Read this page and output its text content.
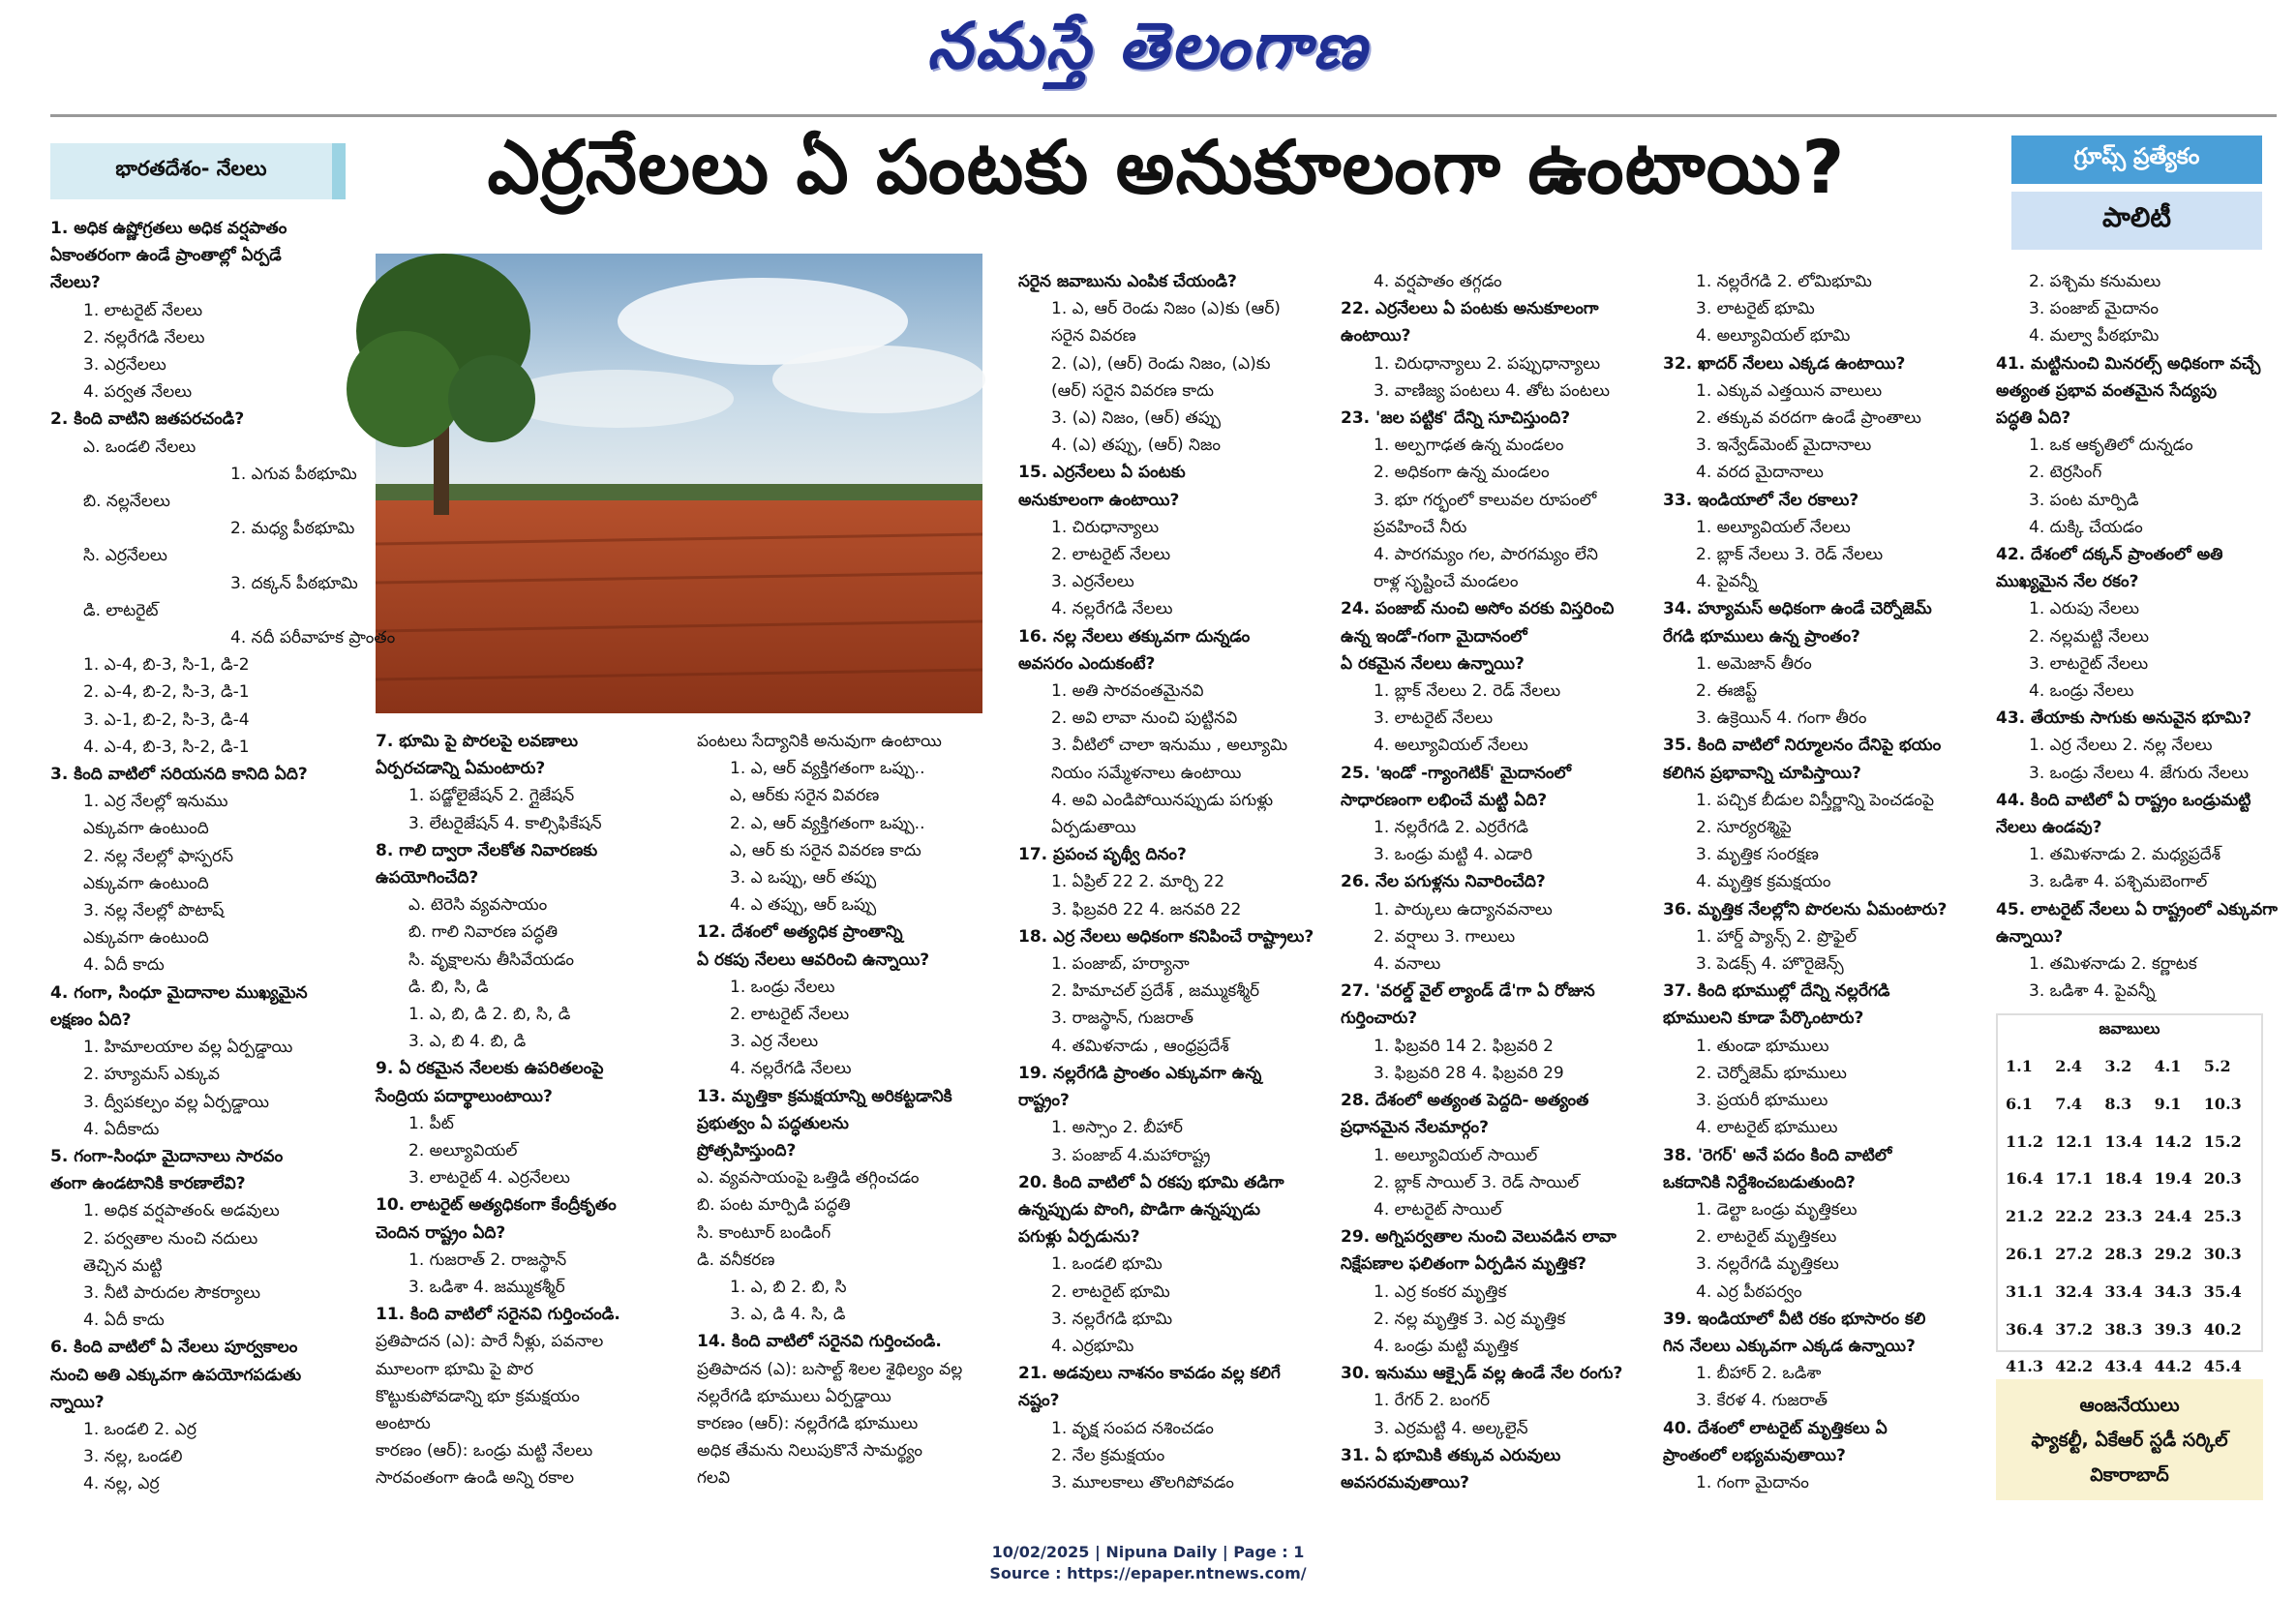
నమస్తే తెలంగాణ
భారతదేశం- నేలలు	ఎర్రనేలలు ఏ పంటకు అనుకూలంగా ఉంటాయి?	గ్రూప్స్ ప్రత్యేకం
పాలిటీ

1. అధిక ఉష్ణోగ్రతలు అధిక వర్షపాతం

ఏకాంతరంగా ఉండే ప్రాంతాల్లో ఏర్పడే

నేలలు?

1. లాటరైట్ నేలలు

2. నల్లరేగడి నేలలు

3. ఎర్రనేలలు

4. పర్వత నేలలు

2. కింది వాటిని జతపరచండి?

ఎ. ఒండలి నేలలు

1. ఎగువ పీఠభూమి

బి. నల్లనేలలు

2. మధ్య పీఠభూమి

సి. ఎర్రనేలలు

3. దక్కన్ పీఠభూమి

డి. లాటరైట్

4. నదీ పరీవాహక ప్రాంతం

1. ఎ-4, బి-3, సి-1, డి-2

2. ఎ-4, బి-2, సి-3, డి-1

3. ఎ-1, బి-2, సి-3, డి-4

4. ఎ-4, బి-3, సి-2, డి-1

3. కింది వాటిలో సరియనది కానిది ఏది?

1. ఎర్ర నేలల్లో ఇనుము

ఎక్కువగా ఉంటుంది

2. నల్ల నేలల్లో ఫాస్పరస్

ఎక్కువగా ఉంటుంది

3. నల్ల నేలల్లో పొటాష్

ఎక్కువగా ఉంటుంది

4. ఏదీ కాదు

4. గంగా, సింధూ మైదానాల ముఖ్యమైన

లక్షణం ఏది?

1. హిమాలయాల వల్ల ఏర్పడ్డాయి

2. హ్యూమస్ ఎక్కువ

3. ద్వీపకల్పం వల్ల ఏర్పడ్డాయి

4. ఏదీకాదు

5. గంగా-సింధూ మైదానాలు సారవం

తంగా ఉండటానికి కారణాలేవి?

1. అధిక వర్షపాతం& అడవులు

2. పర్వతాల నుంచి నదులు

తెచ్చిన మట్టి

3. నీటి పారుదల సౌకర్యాలు

4. ఏదీ కాదు

6. కింది వాటిలో ఏ నేలలు పూర్వకాలం

నుంచి అతి ఎక్కువగా ఉపయోగపడుతు

న్నాయి?

1. ఒండలి 2. ఎర్ర

3. నల్ల, ఒండలి

4. నల్ల, ఎర్ర

7. భూమి పై పొరలపై లవణాలు

ఏర్పరచడాన్ని ఏమంటారు?

1. పడ్జోలైజేషన్ 2. గ్లైజేషన్

3. లేటరైజేషన్ 4. కాల్సిఫికేషన్

8. గాలి ద్వారా నేలకోత నివారణకు

ఉపయోగించేది?

ఎ. టెరెసి వ్యవసాయం

బి. గాలి నివారణ పద్ధతి

సి. వృక్షాలను తీసివేయడం

డి. బి, సి, డి

1. ఎ, బి, డి 2. బి, సి, డి

3. ఎ, బి 4. బి, డి

9. ఏ రకమైన నేలలకు ఉపరితలంపై

సేంద్రియ పదార్థాలుంటాయి?

1. పీట్

2. అల్యూవియల్

3. లాటరైట్ 4. ఎర్రనేలలు

10. లాటరైట్ అత్యధికంగా కేంద్రీకృతం

చెందిన రాష్ట్రం ఏది?

1. గుజరాత్ 2. రాజస్థాన్

3. ఒడిశా 4. జమ్ముకశ్మీర్

11. కింది వాటిలో సరైనవి గుర్తించండి.

ప్రతిపాదన (ఎ): పారే నీళ్లు, పవనాల

మూలంగా భూమి పై పొర

కొట్టుకుపోవడాన్ని భూ క్రమక్షయం

అంటారు

కారణం (ఆర్): ఒండ్రు మట్టి నేలలు

సారవంతంగా ఉండి అన్ని రకాల

పంటలు సేద్యానికి అనువుగా ఉంటాయి

1. ఎ, ఆర్ వ్యక్తిగతంగా ఒప్పు..

ఎ, ఆర్‌కు సరైన వివరణ

2. ఎ, ఆర్ వ్యక్తిగతంగా ఒప్పు..

ఎ, ఆర్ కు సరైన వివరణ కాదు

3. ఎ ఒప్పు, ఆర్ తప్పు

4. ఎ తప్పు, ఆర్ ఒప్పు

12. దేశంలో అత్యధిక ప్రాంతాన్ని

ఏ రకపు నేలలు ఆవరించి ఉన్నాయి?

1. ఒండ్రు నేలలు

2. లాటరైట్ నేలలు

3. ఎర్ర నేలలు

4. నల్లరేగడి నేలలు

13. మృత్తికా క్రమక్షయాన్ని అరికట్టడానికి

ప్రభుత్వం ఏ పద్ధతులను

ప్రోత్సహిస్తుంది?

ఎ. వ్యవసాయంపై ఒత్తిడి తగ్గించడం

బి. పంట మార్పిడి పద్ధతి

సి. కాంటూర్ బండింగ్

డి. వనీకరణ

1. ఎ, బి 2. బి, సి

3. ఎ, డి 4. సి, డి

14. కింది వాటిలో సరైనవి గుర్తించండి.

ప్రతిపాదన (ఎ): బసాల్ట్ శిలల శైథిల్యం వల్ల

నల్లరేగడి భూములు ఏర్పడ్డాయి

కారణం (ఆర్): నల్లరేగడి భూములు

అధిక తేమను నిలుపుకొనే సామర్థ్యం

గలవి

సరైన జవాబును ఎంపిక చేయండి?

1. ఎ, ఆర్ రెండు నిజం (ఎ)కు (ఆర్)

సరైన వివరణ

2. (ఎ), (ఆర్) రెండు నిజం, (ఎ)కు

(ఆర్) సరైన వివరణ కాదు

3. (ఎ) నిజం, (ఆర్) తప్పు

4. (ఎ) తప్పు, (ఆర్) నిజం

15. ఎర్రనేలలు ఏ పంటకు

అనుకూలంగా ఉంటాయి?

1. చిరుధాన్యాలు

2. లాటరైట్ నేలలు

3. ఎర్రనేలలు

4. నల్లరేగడి నేలలు

16. నల్ల నేలలు తక్కువగా దున్నడం

అవసరం ఎందుకంటే?

1. అతి సారవంతమైనవి

2. అవి లావా నుంచి పుట్టినవి

3. వీటిలో చాలా ఇనుము , అల్యూమి

నియం సమ్మేళనాలు ఉంటాయి

4. అవి ఎండిపోయినప్పుడు పగుళ్లు

ఏర్పడుతాయి

17. ప్రపంచ పృథ్వీ దినం?

1. ఏప్రిల్ 22 2. మార్చి 22

3. ఫిబ్రవరి 22 4. జనవరి 22

18. ఎర్ర నేలలు అధికంగా కనిపించే రాష్ట్రాలు?

1. పంజాబ్, హర్యానా

2. హిమాచల్ ప్రదేశ్ , జమ్ముకశ్మీర్

3. రాజస్థాన్, గుజరాత్

4. తమిళనాడు , ఆంధ్రప్రదేశ్

19. నల్లరేగడి ప్రాంతం ఎక్కువగా ఉన్న

రాష్ట్రం?

1. అస్సాం 2. బీహార్

3. పంజాబ్ 4.మహారాష్ట్ర

20. కింది వాటిలో ఏ రకపు భూమి తడిగా

ఉన్నప్పుడు పొంగి, పొడిగా ఉన్నప్పుడు

పగుళ్లు ఏర్పడును?

1. ఒండలి భూమి

2. లాటరైట్ భూమి

3. నల్లరేగడి భూమి

4. ఎర్రభూమి

21. అడవులు నాశనం కావడం వల్ల కలిగే

నష్టం?

1. వృక్ష సంపద నశించడం

2. నేల క్రమక్షయం

3. మూలకాలు తొలగిపోవడం

4. వర్షపాతం తగ్గడం

22. ఎర్రనేలలు ఏ పంటకు అనుకూలంగా

ఉంటాయి?

1. చిరుధాన్యాలు 2. పప్పుధాన్యాలు

3. వాణిజ్య పంటలు 4. తోట పంటలు

23. 'జల పట్టిక' దేన్ని సూచిస్తుంది?

1. అల్పగాఢత ఉన్న మండలం

2. అధికంగా ఉన్న మండలం

3. భూ గర్భంలో కాలువల రూపంలో

ప్రవహించే నీరు

4. పారగమ్యం గల, పారగమ్యం లేని

రాళ్ల సృష్టించే మండలం

24. పంజాబ్ నుంచి అసోం వరకు విస్తరించి

ఉన్న ఇండో-గంగా మైదానంలో

ఏ రకమైన నేలలు ఉన్నాయి?

1. బ్లాక్ నేలలు 2. రెడ్ నేలలు

3. లాటరైట్ నేలలు

4. అల్యూవియల్ నేలలు

25. 'ఇండో -గ్యాంగెటిక్' మైదానంలో

సాధారణంగా లభించే మట్టి ఏది?

1. నల్లరేగడి 2. ఎర్రరేగడి

3. ఒండ్రు మట్టి 4. ఎడారి

26. నేల పగుళ్లను నివారించేది?

1. పార్కులు ఉద్యానవనాలు

2. వర్షాలు 3. గాలులు

4. వనాలు

27. 'వరల్డ్ వైల్ ల్యాండ్ డే'గా ఏ రోజున

గుర్తించారు?

1. ఫిబ్రవరి 14 2. ఫిబ్రవరి 2

3. ఫిబ్రవరి 28 4. ఫిబ్రవరి 29

28. దేశంలో అత్యంత పెద్దది- అత్యంత

ప్రధానమైన నేలమార్గం?

1. అల్యూవియల్ సాయిల్

2. బ్లాక్ సాయిల్ 3. రెడ్ సాయిల్

4. లాటరైట్ సాయిల్

29. అగ్నిపర్వతాల నుంచి వెలువడిన లావా

నిక్షేపణాల ఫలితంగా ఏర్పడిన మృత్తిక?

1. ఎర్ర కంకర మృత్తిక

2. నల్ల మృత్తిక 3. ఎర్ర మృత్తిక

4. ఒండ్రు మట్టి మృత్తిక

30. ఇనుము ఆక్సైడ్ వల్ల ఉండే నేల రంగు?

1. రేగర్ 2. బంగర్

3. ఎర్రమట్టి 4. అల్కలైన్

31. ఏ భూమికి తక్కువ ఎరువులు

అవసరమవుతాయి?

1. నల్లరేగడి 2. లోమిభూమి

3. లాటరైట్ భూమి

4. అల్యూవియల్ భూమి

32. ఖాదర్ నేలలు ఎక్కడ ఉంటాయి?

1. ఎక్కువ ఎత్తయిన వాలులు

2. తక్కువ వరదగా ఉండే ప్రాంతాలు

3. ఇన్వేడ్‌మెంట్ మైదానాలు

4. వరద మైదానాలు

33. ఇండియాలో నేల రకాలు?

1. అల్యూవియల్ నేలలు

2. బ్లాక్ నేలలు 3. రెడ్ నేలలు

4. పైవన్నీ

34. హ్యూమస్ అధికంగా ఉండే చెర్నోజెమ్

రేగడి భూములు ఉన్న ప్రాంతం?

1. అమెజాన్ తీరం

2. ఈజిప్ట్

3. ఉక్రెయిన్ 4. గంగా తీరం

35. కింది వాటిలో నిర్మూలనం దేనిపై భయం

కలిగిన ప్రభావాన్ని చూపిస్తాయి?

1. పచ్చిక బీడుల విస్తీర్ణాన్ని పెంచడంపై

2. సూర్యరశ్మిపై

3. మృత్తిక సంరక్షణ

4. మృత్తిక క్రమక్షయం

36. మృత్తిక నేలల్లోని పొరలను ఏమంటారు?

1. హార్డ్ ప్యాన్స్ 2. ప్రొఫైల్

3. పెడక్స్ 4. హొరైజెన్స్

37. కింది భూముల్లో దేన్ని నల్లరేగడి

భూములని కూడా పేర్కొంటారు?

1. తుండా భూములు

2. చెర్నోజెమ్ భూములు

3. ప్రయరీ భూములు

4. లాటరైట్ భూములు

38. 'రెగర్' అనే పదం కింది వాటిలో

ఒకదానికి నిర్దేశించబడుతుంది?

1. డెల్టా ఒండ్రు మృత్తికలు

2. లాటరైట్ మృత్తికలు

3. నల్లరేగడి మృత్తికలు

4. ఎర్ర పీఠపర్వం

39. ఇండియాలో వీటి రకం భూసారం కలి

గిన నేలలు ఎక్కువగా ఎక్కడ ఉన్నాయి?

1. బీహార్ 2. ఒడిశా

3. కేరళ 4. గుజరాత్

40. దేశంలో లాటరైట్ మృత్తికలు ఏ

ప్రాంతంలో లభ్యమవుతాయి?

1. గంగా మైదానం

2. పశ్చిమ కనుమలు

3. పంజాబ్ మైదానం

4. మల్వా పీఠభూమి

41. మట్టినుంచి మినరల్స్ అధికంగా వచ్చే

అత్యంత ప్రభావ వంతమైన సేద్యపు

పద్ధతి ఏది?

1. ఒక ఆకృతిలో దున్నడం

2. టెర్రసింగ్

3. పంట మార్పిడి

4. దుక్కి చేయడం

42. దేశంలో దక్కన్ ప్రాంతంలో అతి

ముఖ్యమైన నేల రకం?

1. ఎరుపు నేలలు

2. నల్లమట్టి నేలలు

3. లాటరైట్ నేలలు

4. ఒండ్రు నేలలు

43. తేయాకు సాగుకు అనువైన భూమి?

1. ఎర్ర నేలలు 2. నల్ల నేలలు

3. ఒండ్రు నేలలు 4. జేగురు నేలలు

44. కింది వాటిలో ఏ రాష్ట్రం ఒండ్రుమట్టి

నేలలు ఉండవు?

1. తమిళనాడు 2. మధ్యప్రదేశ్

3. ఒడిశా 4. పశ్చిమబెంగాల్

45. లాటరైట్ నేలలు ఏ రాష్ట్రంలో ఎక్కువగా

ఉన్నాయి?

1. తమిళనాడు 2. కర్ణాటక

3. ఒడిశా 4. పైవన్నీ

జవాబులు
1.1	2.4	3.2	4.1	5.2
6.1	7.4	8.3	9.1	10.3
11.2 12.1 13.4 14.2 15.2
16.4 17.1 18.4 19.4 20.3
21.2 22.2 23.3 24.4 25.3
26.1 27.2 28.3 29.2 30.3
31.1 32.4 33.4 34.3 35.4
36.4 37.2 38.3 39.3 40.2
41.3 42.2 43.4 44.2 45.4
ఆంజనేయులు
ఫ్యాకల్టీ, ఏకేఆర్ స్టడీ సర్కిల్
వికారాబాద్
10/02/2025 | Nipuna Daily | Page : 1
Source : https://epaper.ntnews.com/
